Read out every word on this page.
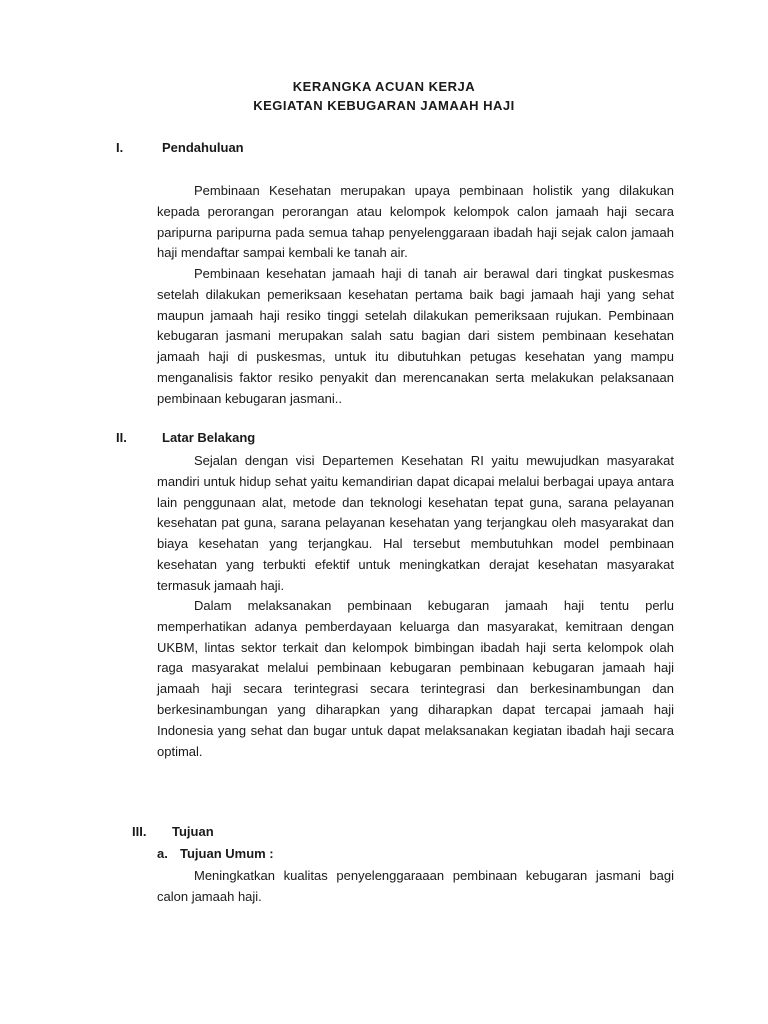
KERANGKA ACUAN KERJA
KEGIATAN KEBUGARAN JAMAAH HAJI
I.	Pendahuluan

Pembinaan Kesehatan merupakan upaya pembinaan holistik yang dilakukan kepada perorangan perorangan atau kelompok kelompok calon jamaah haji secara paripurna paripurna pada semua tahap penyelenggaraan ibadah haji sejak calon jamaah haji mendaftar sampai kembali ke tanah air.

Pembinaan kesehatan jamaah haji di tanah air berawal dari tingkat puskesmas setelah dilakukan pemeriksaan kesehatan pertama baik bagi jamaah haji yang sehat maupun jamaah haji resiko tinggi setelah dilakukan pemeriksaan rujukan. Pembinaan kebugaran jasmani merupakan salah satu bagian dari sistem pembinaan kesehatan jamaah haji di puskesmas, untuk itu dibutuhkan petugas kesehatan yang mampu menganalisis faktor resiko penyakit dan merencanakan serta melakukan pelaksanaan pembinaan kebugaran jasmani..

II.	Latar Belakang

Sejalan dengan visi Departemen Kesehatan RI yaitu mewujudkan masyarakat mandiri untuk hidup sehat yaitu kemandirian dapat dicapai melalui berbagai upaya antara lain penggunaan alat, metode dan teknologi kesehatan tepat guna, sarana pelayanan kesehatan pat guna, sarana pelayanan kesehatan yang terjangkau oleh masyarakat dan biaya kesehatan yang terjangkau. Hal tersebut membutuhkan model pembinaan kesehatan yang terbukti efektif untuk meningkatkan derajat kesehatan masyarakat termasuk jamaah haji.

Dalam melaksanakan pembinaan kebugaran jamaah haji tentu perlu memperhatikan adanya pemberdayaan keluarga dan masyarakat, kemitraan dengan UKBM, lintas sektor terkait dan kelompok bimbingan ibadah haji serta kelompok olah raga masyarakat melalui pembinaan kebugaran pembinaan kebugaran jamaah haji jamaah haji secara terintegrasi secara terintegrasi dan berkesinambungan dan berkesinambungan yang diharapkan yang diharapkan dapat tercapai jamaah haji Indonesia yang sehat dan bugar untuk dapat melaksanakan kegiatan ibadah haji secara optimal.

III. Tujuan
a. Tujuan Umum :

Meningkatkan kualitas penyelenggaraaan pembinaan kebugaran jasmani bagi calon jamaah haji.
